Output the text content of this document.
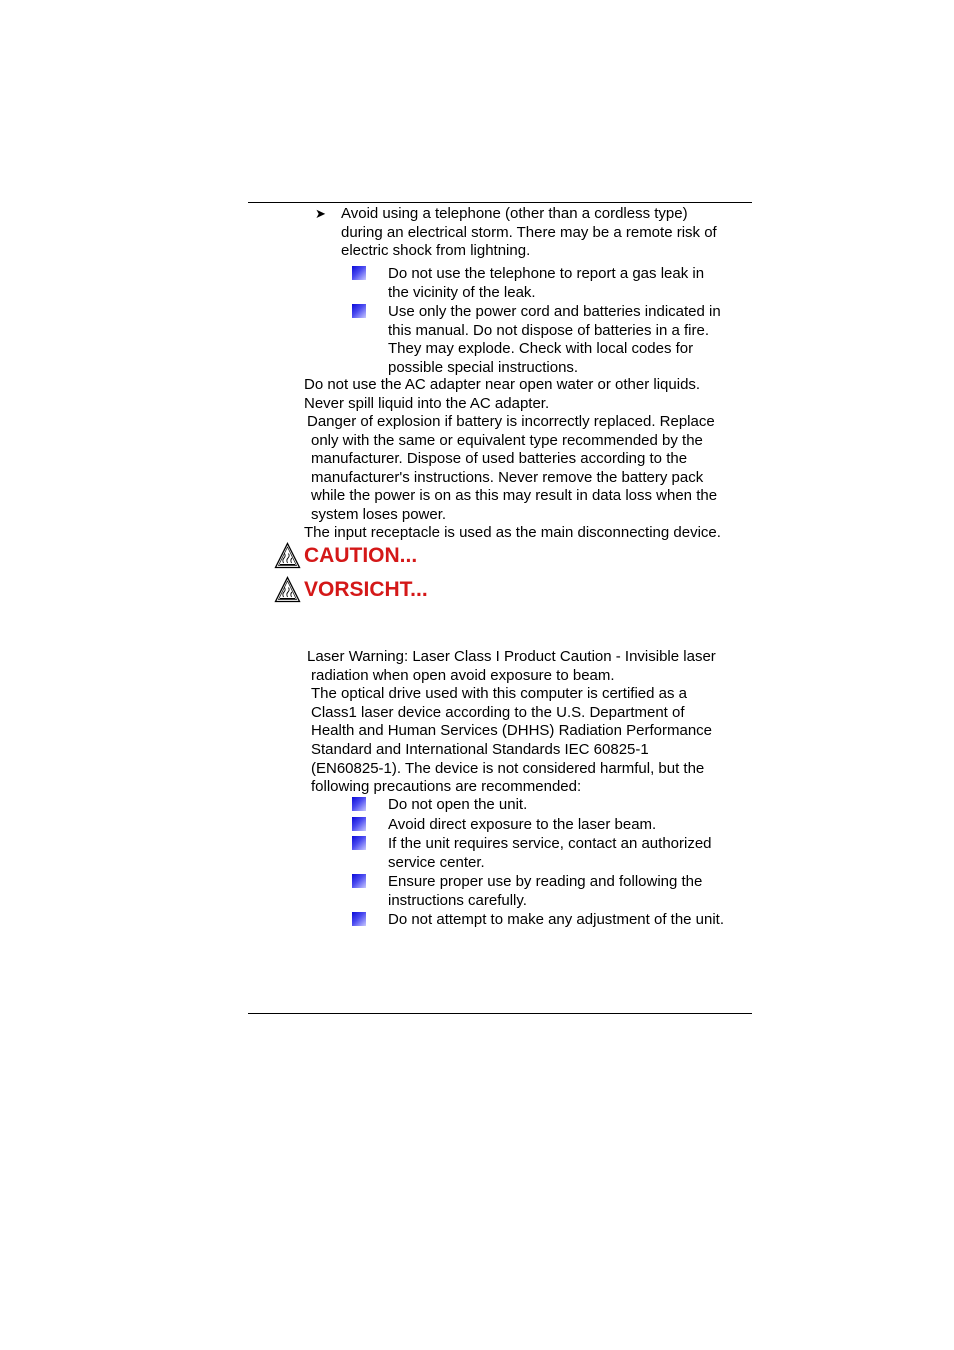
➤ Avoid using a telephone (other than a cordless type)
during an electrical storm. There may be a remote risk of
electric shock from lightning.
Do not use the telephone to report a gas leak in
the vicinity of the leak.
Use only the power cord and batteries indicated in
this manual. Do not dispose of batteries in a fire.
They may explode. Check with local codes for
possible special instructions.
Do not use the AC adapter near open water or other liquids.
Never spill liquid into the AC adapter.
Danger of explosion if battery is incorrectly replaced. Replace
only with the same or equivalent type recommended by the
manufacturer. Dispose of used batteries according to the
manufacturer's instructions. Never remove the battery pack
while the power is on as this may result in data loss when the
system loses power.
The input receptacle is used as the main disconnecting device.
CAUTION...
VORSICHT...
Laser Warning: Laser Class I Product Caution - Invisible laser
radiation when open avoid exposure to beam.
The optical drive used with this computer is certified as a
Class1 laser device according to the U.S. Department of
Health and Human Services (DHHS) Radiation Performance
Standard and International Standards IEC 60825-1
(EN60825-1). The device is not considered harmful, but the
following precautions are recommended:
Do not open the unit.
Avoid direct exposure to the laser beam.
If the unit requires service, contact an authorized
service center.
Ensure proper use by reading and following the
instructions carefully.
Do not attempt to make any adjustment of the unit.
